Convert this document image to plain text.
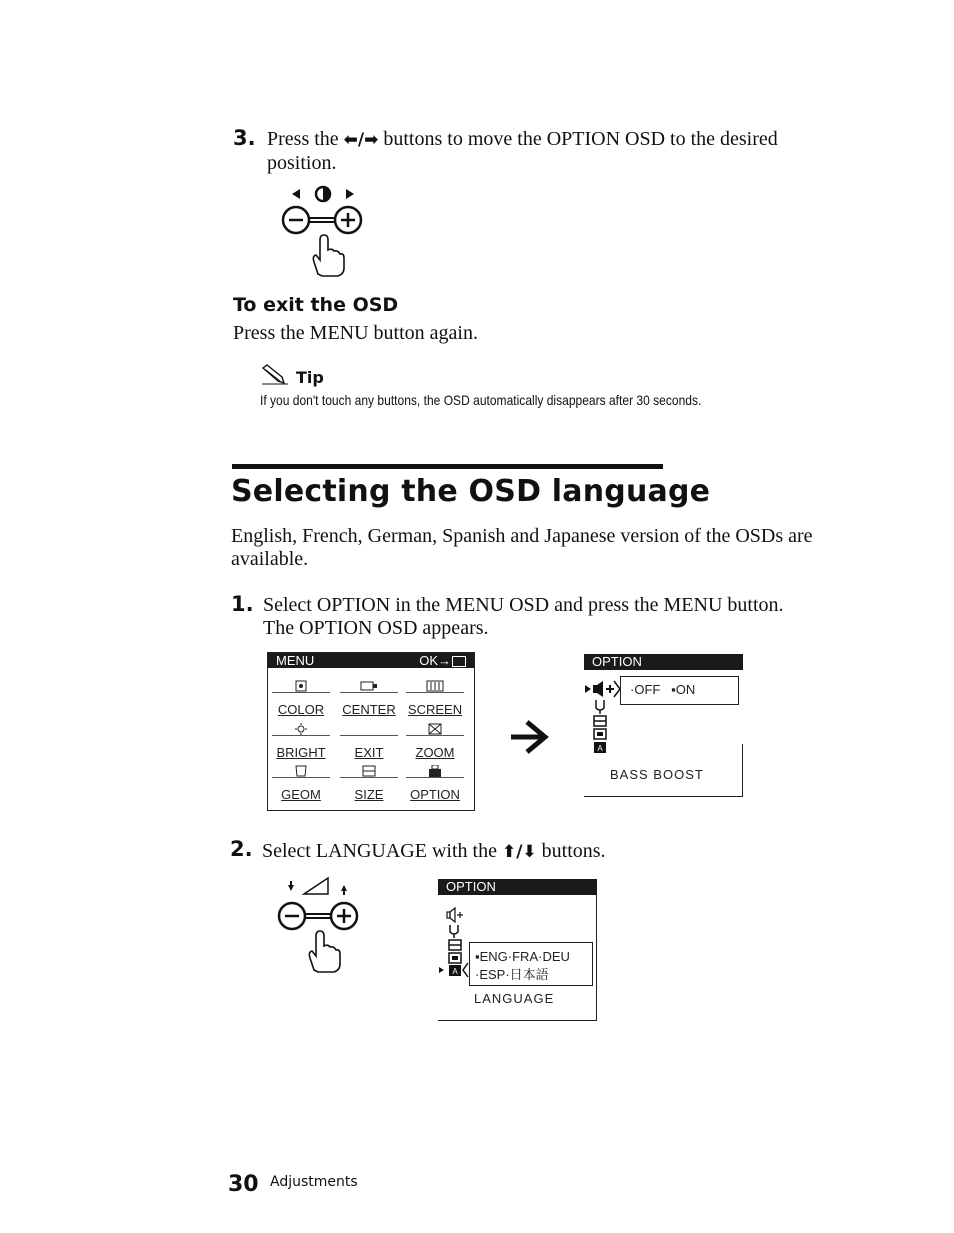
3. Press the ⬅/➡ buttons to move the OPTION OSD to the desired
position.
To exit the OSD
Press the MENU button again.
Tip
If you don't touch any buttons, the OSD automatically disappears after 30 seconds.
Selecting the OSD language
English, French, German, Spanish and Japanese version of the OSDs are
available.
1. Select OPTION in the MENU OSD and press the MENU button.
The OPTION OSD appears.
MENU	OK→
COLOR	CENTER SCREEN
BRIGHT	EXIT	ZOOM
GEOM	SIZE	OPTION
OPTION
·OFF   ▪ON
A
BASS BOOST
2. Select LANGUAGE with the ⬆/⬇ buttons.
OPTION
▪ENG·FRA·DEU
·ESP·日本語
A
LANGUAGE
30 Adjustments
